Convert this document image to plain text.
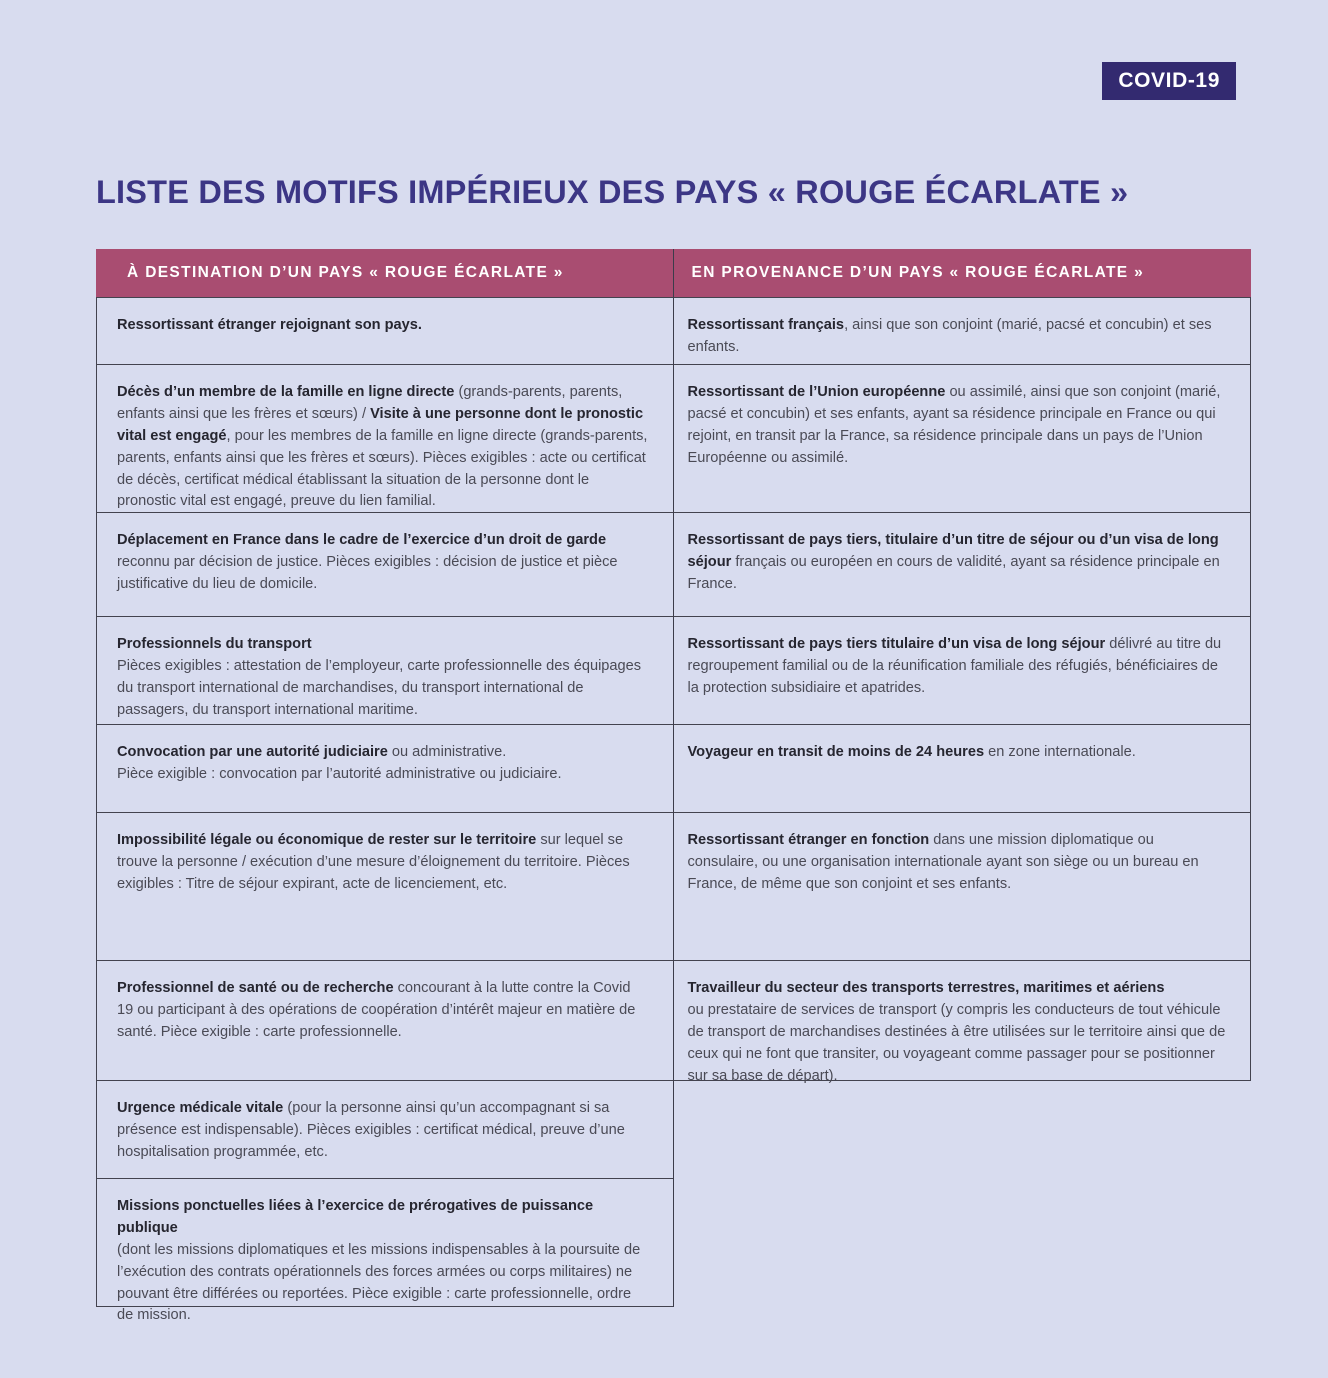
COVID-19
LISTE DES MOTIFS IMPÉRIEUX DES PAYS « ROUGE ÉCARLATE »
À DESTINATION D’UN PAYS « ROUGE ÉCARLATE »

Ressortissant étranger rejoignant son pays.

Décès d’un membre de la famille en ligne directe (grands-parents, parents, enfants ainsi que les frères et sœurs) / Visite à une personne dont le pronostic vital est engagé, pour les membres de la famille en ligne directe (grands-parents, parents, enfants ainsi que les frères et sœurs). Pièces exigibles : acte ou certificat de décès, certificat médical établissant la situation de la personne dont le pronostic vital est engagé, preuve du lien familial.

Déplacement en France dans le cadre de l’exercice d’un droit de garde reconnu par décision de justice. Pièces exigibles : décision de justice et pièce justificative du lieu de domicile.

Professionnels du transport

Pièces exigibles : attestation de l’employeur, carte professionnelle des équipages du transport international de marchandises, du transport international de passagers, du transport international maritime.

Convocation par une autorité judiciaire ou administrative.

Pièce exigible : convocation par l’autorité administrative ou judiciaire.

Impossibilité légale ou économique de rester sur le territoire sur lequel se trouve la personne / exécution d’une mesure d’éloignement du territoire. Pièces exigibles : Titre de séjour expirant, acte de licenciement, etc.

Professionnel de santé ou de recherche concourant à la lutte contre la Covid 19 ou participant à des opérations de coopération d’intérêt majeur en matière de santé. Pièce exigible : carte professionnelle.

Urgence médicale vitale (pour la personne ainsi qu’un accompagnant si sa présence est indispensable). Pièces exigibles : certificat médical, preuve d’une hospitalisation programmée, etc.

Missions ponctuelles liées à l’exercice de prérogatives de puissance publique

(dont les missions diplomatiques et les missions indispensables à la poursuite de l’exécution des contrats opérationnels des forces armées ou corps militaires) ne pouvant être différées ou reportées. Pièce exigible : carte professionnelle, ordre de mission.

EN PROVENANCE D’UN PAYS « ROUGE ÉCARLATE »

Ressortissant français, ainsi que son conjoint (marié, pacsé et concubin) et ses enfants.

Ressortissant de l’Union européenne ou assimilé, ainsi que son conjoint (marié, pacsé et concubin) et ses enfants, ayant sa résidence principale en France ou qui rejoint, en transit par la France, sa résidence principale dans un pays de l’Union Européenne ou assimilé.

Ressortissant de pays tiers, titulaire d’un titre de séjour ou d’un visa de long séjour français ou européen en cours de validité, ayant sa résidence principale en France.

Ressortissant de pays tiers titulaire d’un visa de long séjour délivré au titre du regroupement familial ou de la réunification familiale des réfugiés, bénéficiaires de la protection subsidiaire et apatrides.

Voyageur en transit de moins de 24 heures en zone internationale.

Ressortissant étranger en fonction dans une mission diplomatique ou consulaire, ou une organisation internationale ayant son siège ou un bureau en France, de même que son conjoint et ses enfants.

Travailleur du secteur des transports terrestres, maritimes et aériens

ou prestataire de services de transport (y compris les conducteurs de tout véhicule de transport de marchandises destinées à être utilisées sur le territoire ainsi que de ceux qui ne font que transiter, ou voyageant comme passager pour se positionner sur sa base de départ).
